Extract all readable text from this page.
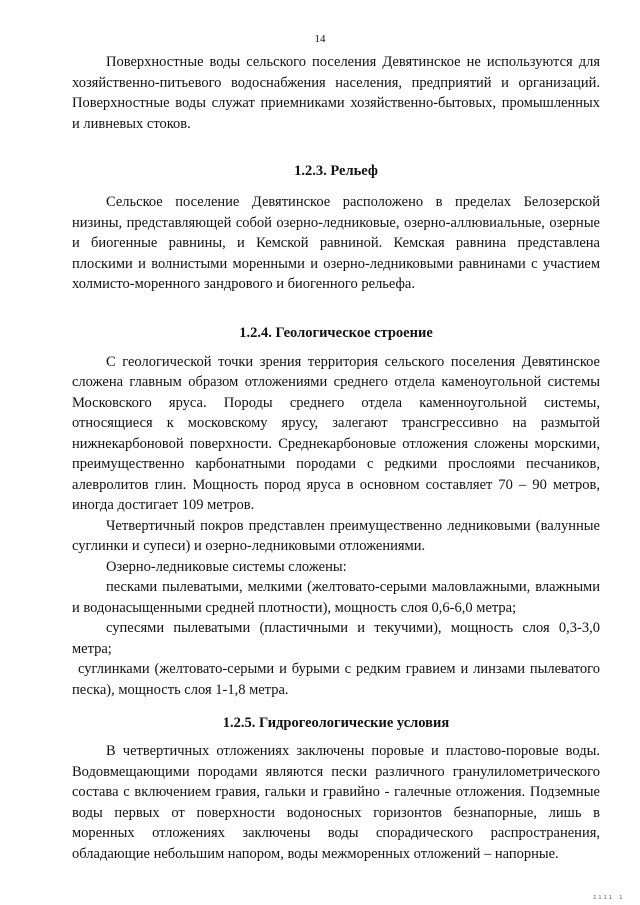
14

Поверхностные воды сельского поселения Девятинское не используются для хозяйственно-питьевого водоснабжения населения, предприятий и организаций. Поверхностные воды служат приемниками хозяйственно-бытовых, промышленных и ливневых стоков.

1.2.3. Рельеф

Сельское поселение Девятинское расположено в пределах Белозерской низины, представляющей собой озерно-ледниковые, озерно-аллювиальные, озерные и биогенные равнины, и Кемской равниной. Кемская равнина представлена плоскими и волнистыми моренными и озерно-ледниковыми равнинами с участием холмисто-моренного зандрового и биогенного рельефа.

1.2.4. Геологическое строение

С геологической точки зрения территория сельского поселения Девятинское сложена главным образом отложениями среднего отдела каменоугольной системы Московского яруса. Породы среднего отдела каменноугольной системы, относящиеся к московскому ярусу, залегают трансгрессивно на размытой нижнекарбоновой поверхности. Среднекарбоновые отложения сложены морскими, преимущественно карбонатными породами с редкими прослоями песчаников, алевролитов глин. Мощность пород яруса в основном составляет 70 – 90 метров, иногда достигает 109 метров.

Четвертичный покров представлен преимущественно ледниковыми (валунные суглинки и супеси) и озерно-ледниковыми отложениями.

Озерно-ледниковые системы сложены:

песками пылеватыми, мелкими (желтовато-серыми маловлажными, влажными и водонасыщенными средней плотности), мощность слоя 0,6-6,0 метра;

супесями пылеватыми (пластичными и текучими), мощность слоя 0,3-3,0 метра;

суглинками (желтовато-серыми и бурыми с редким гравием и линзами пылеватого песка), мощность слоя 1-1,8 метра.

1.2.5. Гидрогеологические условия

В четвертичных отложениях заключены поровые и пластово-поровые воды. Водовмещающими породами являются пески различного гранулилометрического состава с включением гравия, гальки и гравийно - галечные отложения. Подземные воды первых от поверхности водоносных горизонтов безнапорные, лишь в моренных отложениях заключены воды спорадического распространения, обладающие небольшим напором, воды межморенных отложений – напорные.

ıııı ı
